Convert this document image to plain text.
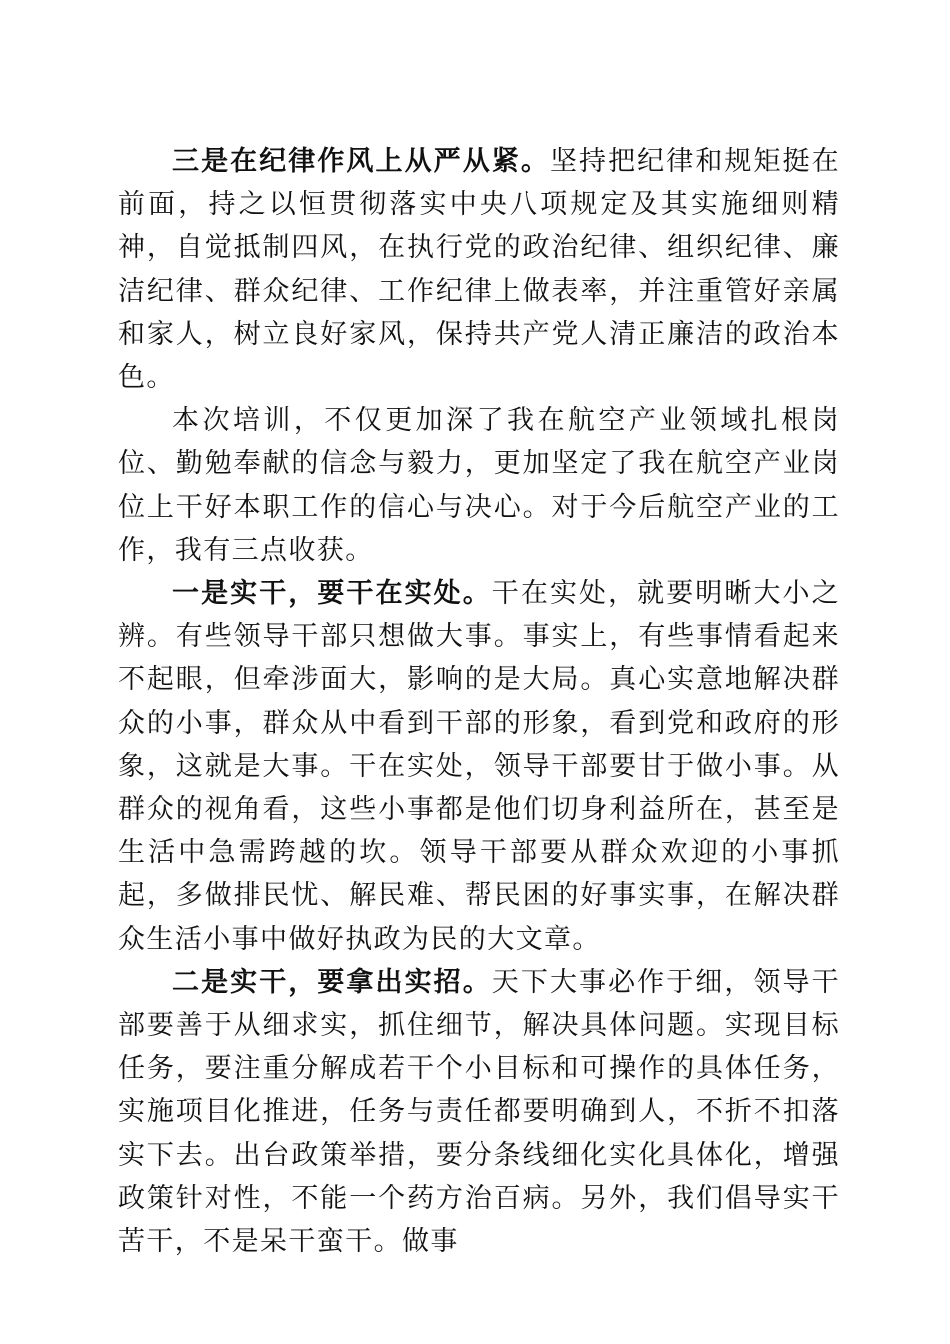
三是在纪律作风上从严从紧。坚持把纪律和规矩挺在前面，持之以恒贯彻落实中央八项规定及其实施细则精神，自觉抵制四风，在执行党的政治纪律、组织纪律、廉洁纪律、群众纪律、工作纪律上做表率，并注重管好亲属和家人，树立良好家风，保持共产党人清正廉洁的政治本色。

本次培训，不仅更加深了我在航空产业领域扎根岗位、勤勉奉献的信念与毅力，更加坚定了我在航空产业岗位上干好本职工作的信心与决心。对于今后航空产业的工作，我有三点收获。

一是实干，要干在实处。干在实处，就要明晰大小之辨。有些领导干部只想做大事。事实上，有些事情看起来不起眼，但牵涉面大，影响的是大局。真心实意地解决群众的小事，群众从中看到干部的形象，看到党和政府的形象，这就是大事。干在实处，领导干部要甘于做小事。从群众的视角看，这些小事都是他们切身利益所在，甚至是生活中急需跨越的坎。领导干部要从群众欢迎的小事抓起，多做排民忧、解民难、帮民困的好事实事，在解决群众生活小事中做好执政为民的大文章。

二是实干，要拿出实招。天下大事必作于细，领导干部要善于从细求实，抓住细节，解决具体问题。实现目标任务，要注重分解成若干个小目标和可操作的具体任务，实施项目化推进，任务与责任都要明确到人，不折不扣落实下去。出台政策举措，要分条线细化实化具体化，增强政策针对性，不能一个药方治百病。另外，我们倡导实干苦干，不是呆干蛮干。做事
